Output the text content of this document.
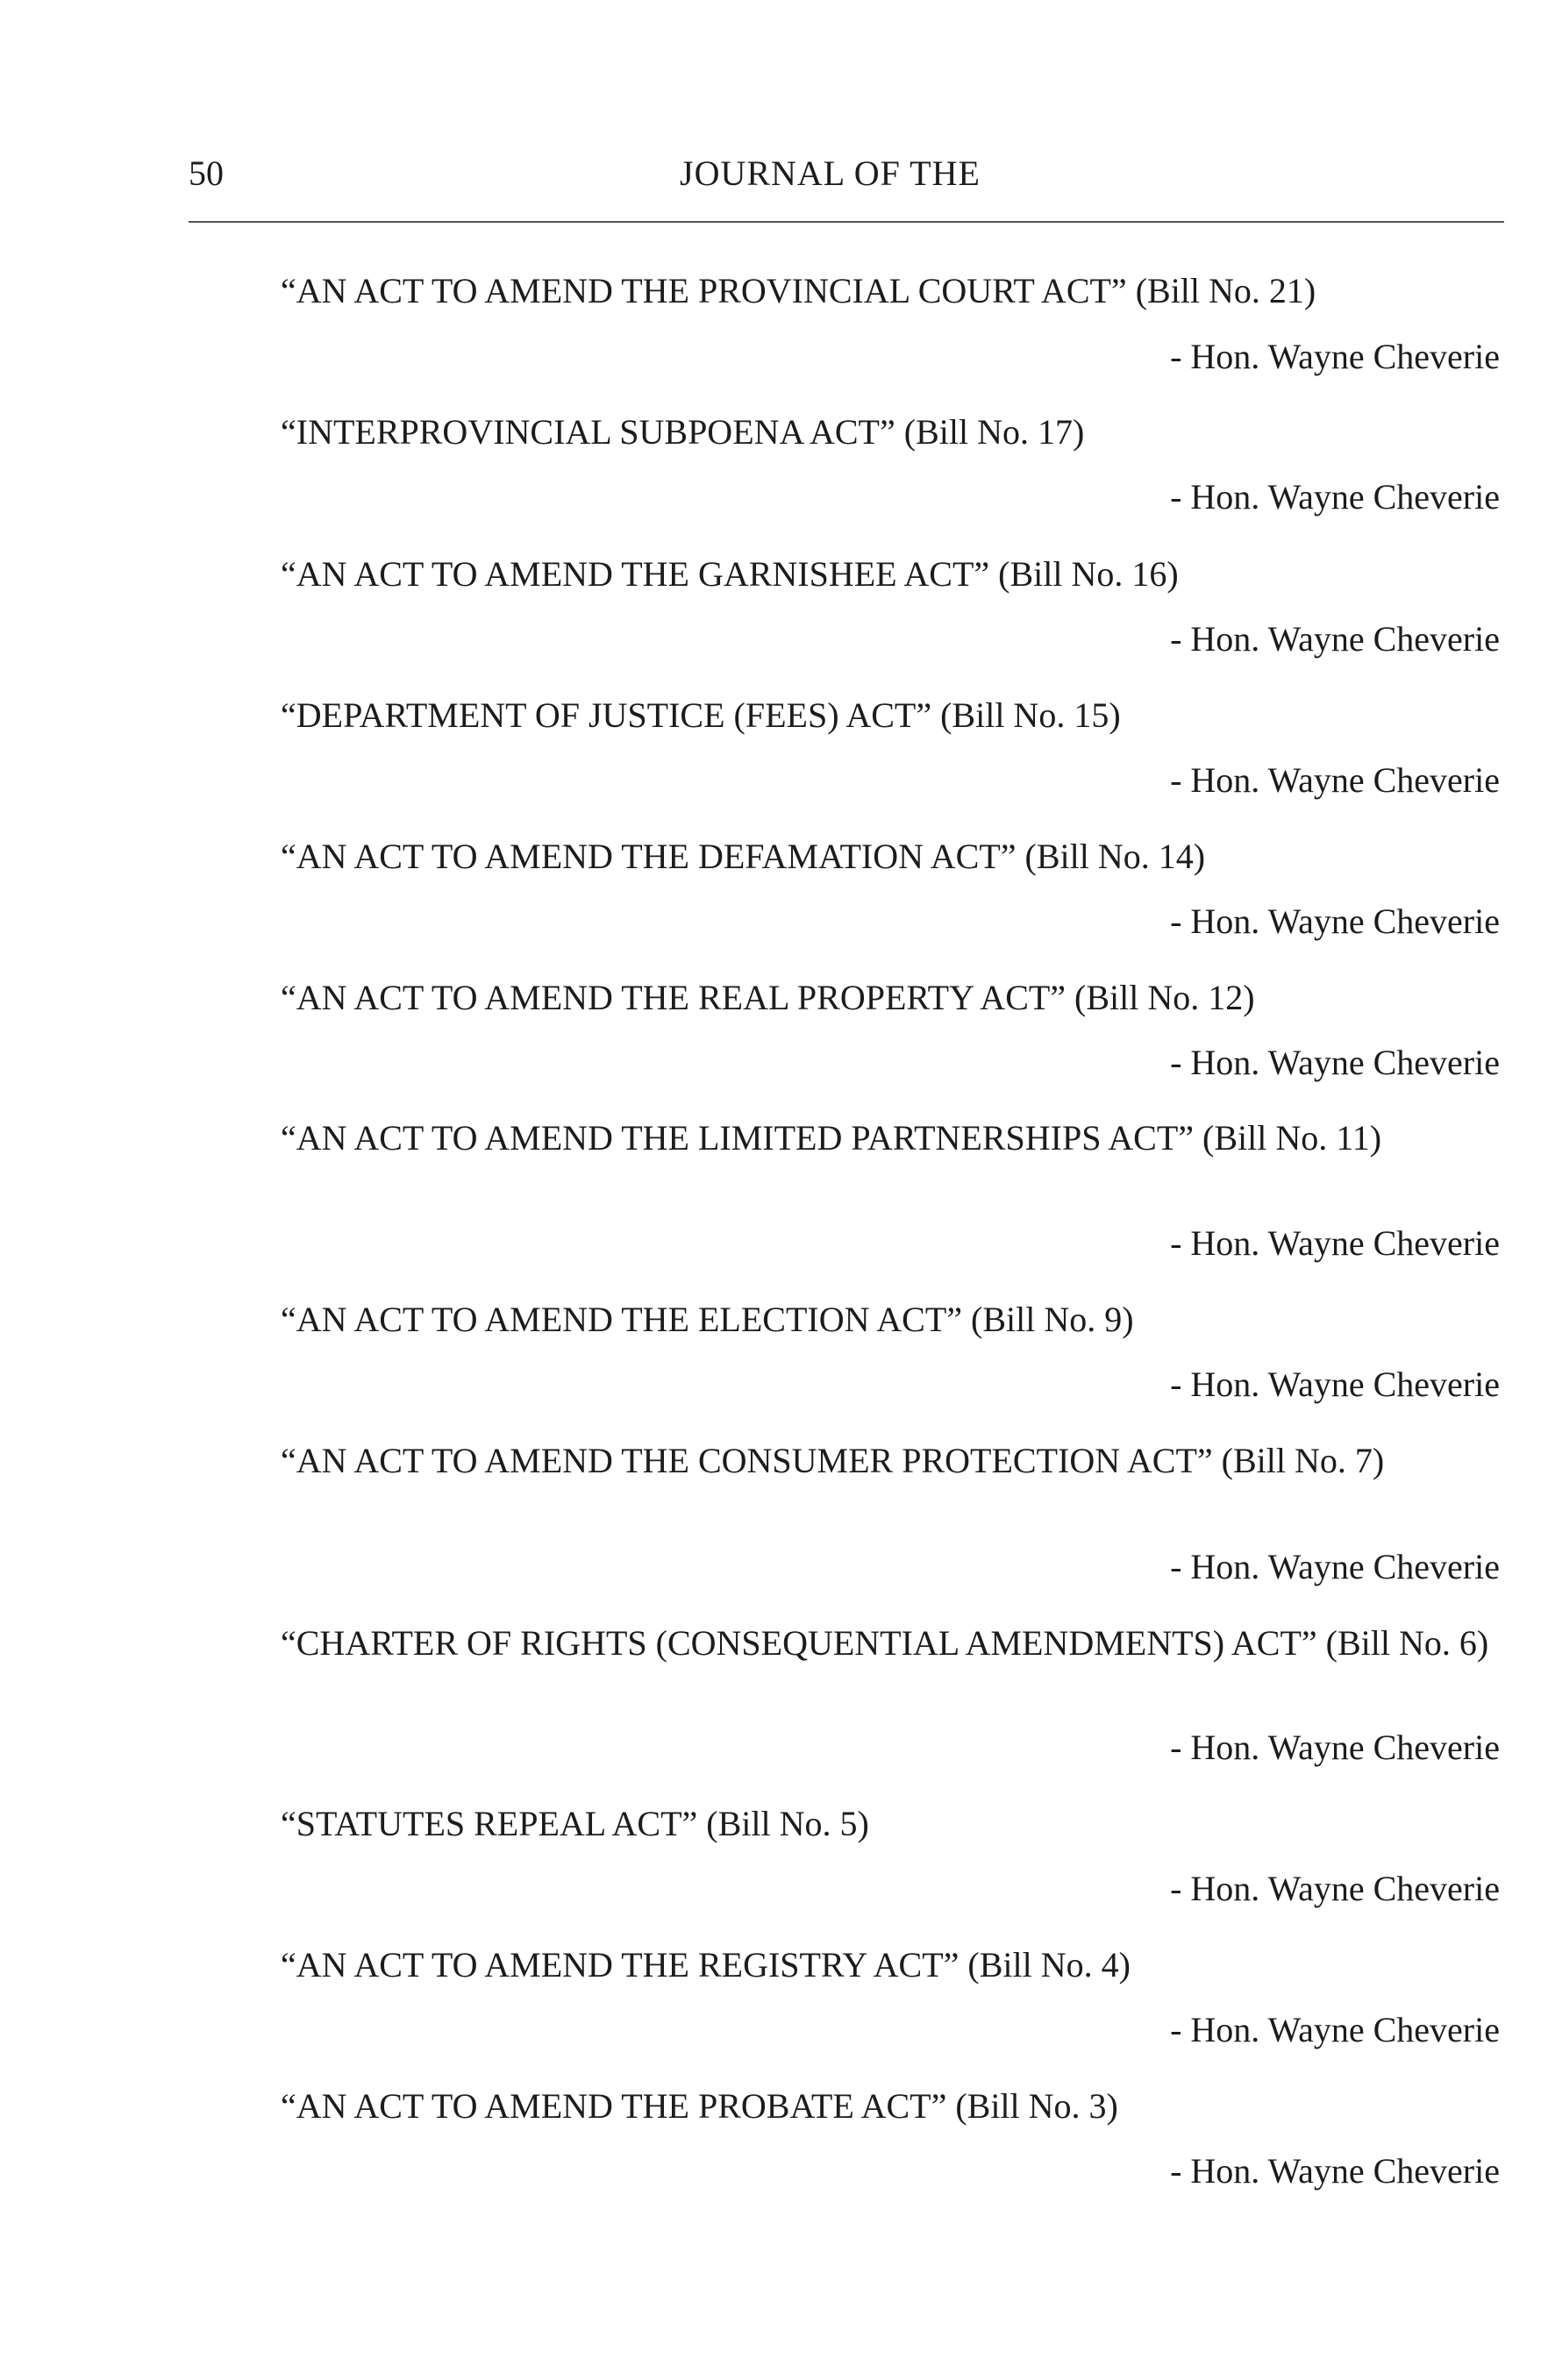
50	JOURNAL OF THE
“AN ACT TO AMEND THE PROVINCIAL COURT ACT” (Bill No. 21)
- Hon. Wayne Cheverie
“INTERPROVINCIAL SUBPOENA ACT” (Bill No. 17)
- Hon. Wayne Cheverie
“AN ACT TO AMEND THE GARNISHEE ACT” (Bill No. 16)
- Hon. Wayne Cheverie
“DEPARTMENT OF JUSTICE (FEES) ACT” (Bill No. 15)
- Hon. Wayne Cheverie
“AN ACT TO AMEND THE DEFAMATION ACT” (Bill No. 14)
- Hon. Wayne Cheverie
“AN ACT TO AMEND THE REAL PROPERTY ACT” (Bill No. 12)
- Hon. Wayne Cheverie
“AN ACT TO AMEND THE LIMITED PARTNERSHIPS ACT” (Bill No. 11)
- Hon. Wayne Cheverie
“AN ACT TO AMEND THE ELECTION ACT” (Bill No. 9)
- Hon. Wayne Cheverie
“AN ACT TO AMEND THE CONSUMER PROTECTION ACT” (Bill No. 7)
- Hon. Wayne Cheverie
“CHARTER OF RIGHTS (CONSEQUENTIAL AMENDMENTS) ACT” (Bill No. 6)
- Hon. Wayne Cheverie
“STATUTES REPEAL ACT” (Bill No. 5)
- Hon. Wayne Cheverie
“AN ACT TO AMEND THE REGISTRY ACT” (Bill No. 4)
- Hon. Wayne Cheverie
“AN ACT TO AMEND THE PROBATE ACT” (Bill No. 3)
- Hon. Wayne Cheverie
